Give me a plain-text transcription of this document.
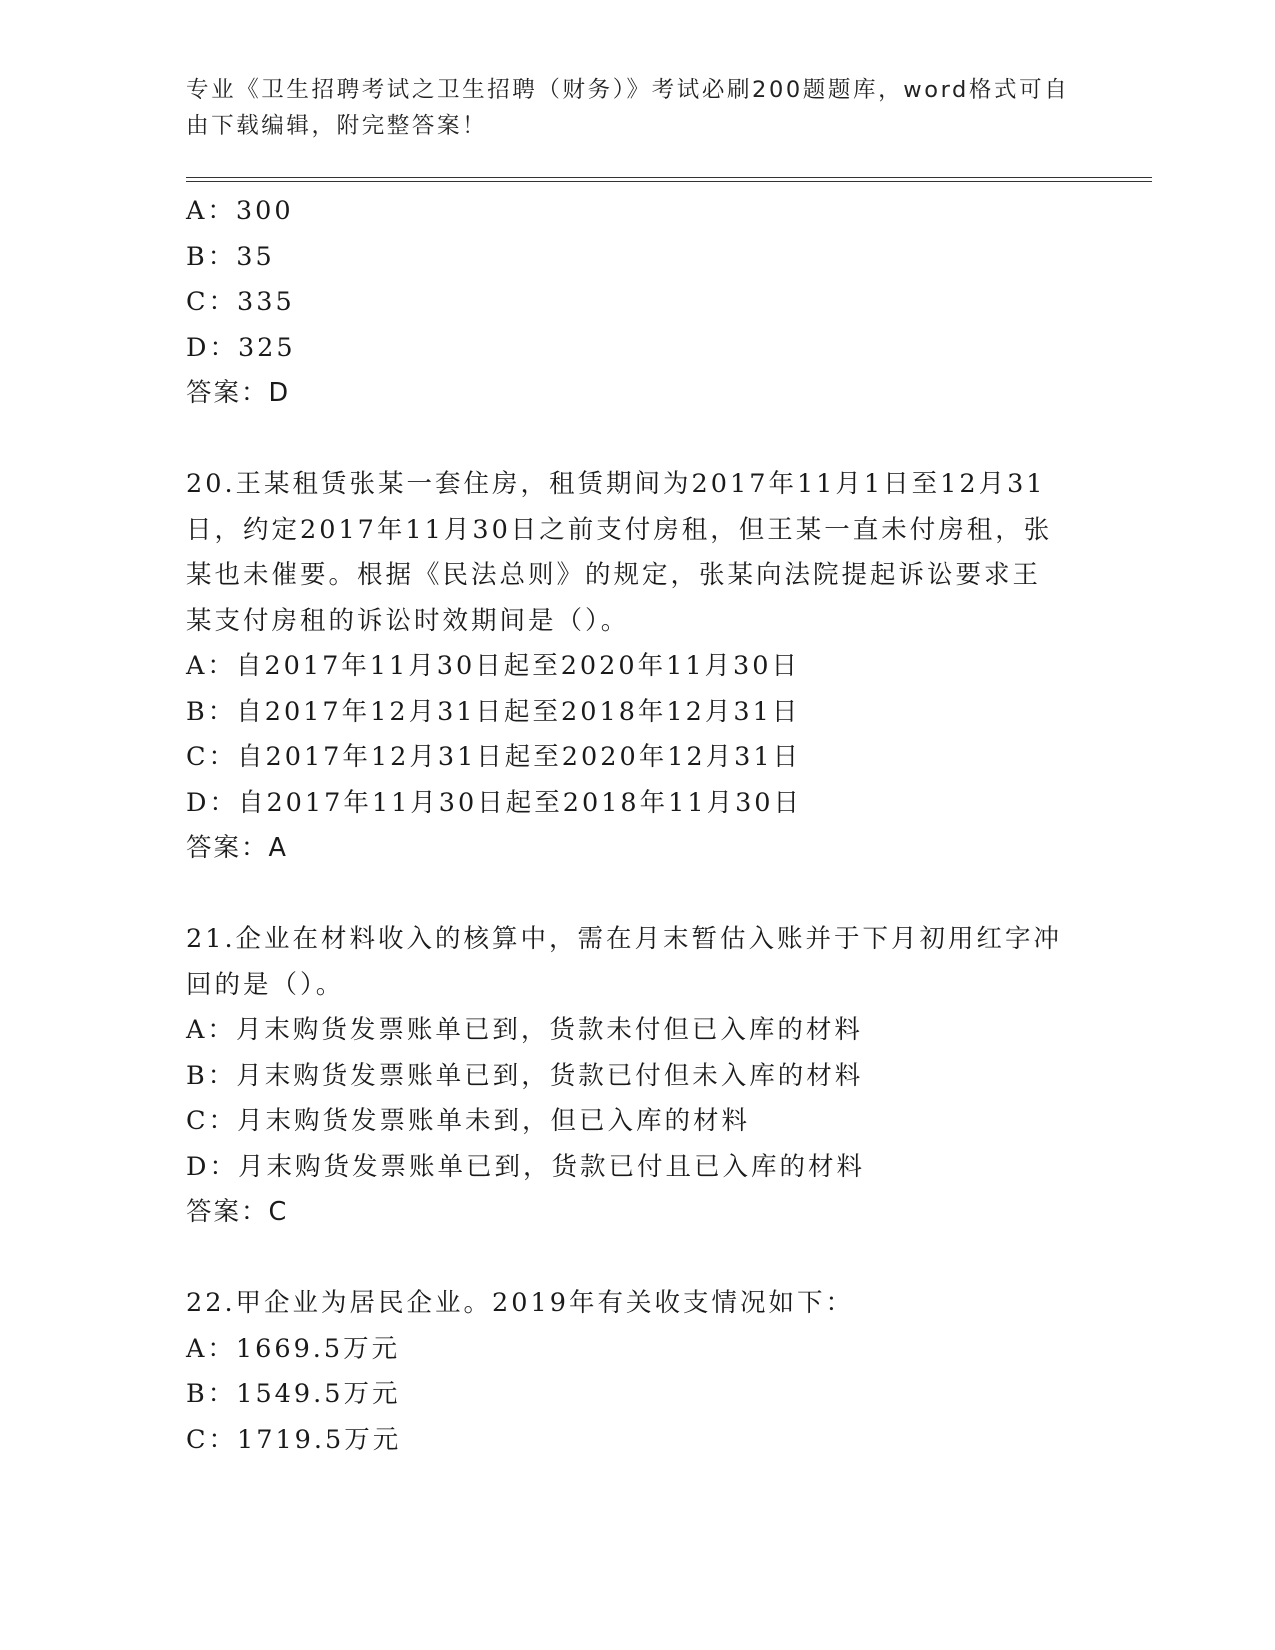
专业《卫生招聘考试之卫生招聘（财务）》考试必刷200题题库，word格式可自由下载编辑，附完整答案！
A：300
B：35
C：335
D：325
答案：D
20.王某租赁张某一套住房，租赁期间为2017年11月1日至12月31
日，约定2017年11月30日之前支付房租，但王某一直未付房租，张
某也未催要。根据《民法总则》的规定，张某向法院提起诉讼要求王
某支付房租的诉讼时效期间是（）。
A：自2017年11月30日起至2020年11月30日
B：自2017年12月31日起至2018年12月31日
C：自2017年12月31日起至2020年12月31日
D：自2017年11月30日起至2018年11月30日
答案：A
21.企业在材料收入的核算中，需在月末暂估入账并于下月初用红字冲
回的是（）。
A：月末购货发票账单已到，货款未付但已入库的材料
B：月末购货发票账单已到，货款已付但未入库的材料
C：月末购货发票账单未到，但已入库的材料
D：月末购货发票账单已到，货款已付且已入库的材料
答案：C
22.甲企业为居民企业。2019年有关收支情况如下：
A：1669.5万元
B：1549.5万元
C：1719.5万元
